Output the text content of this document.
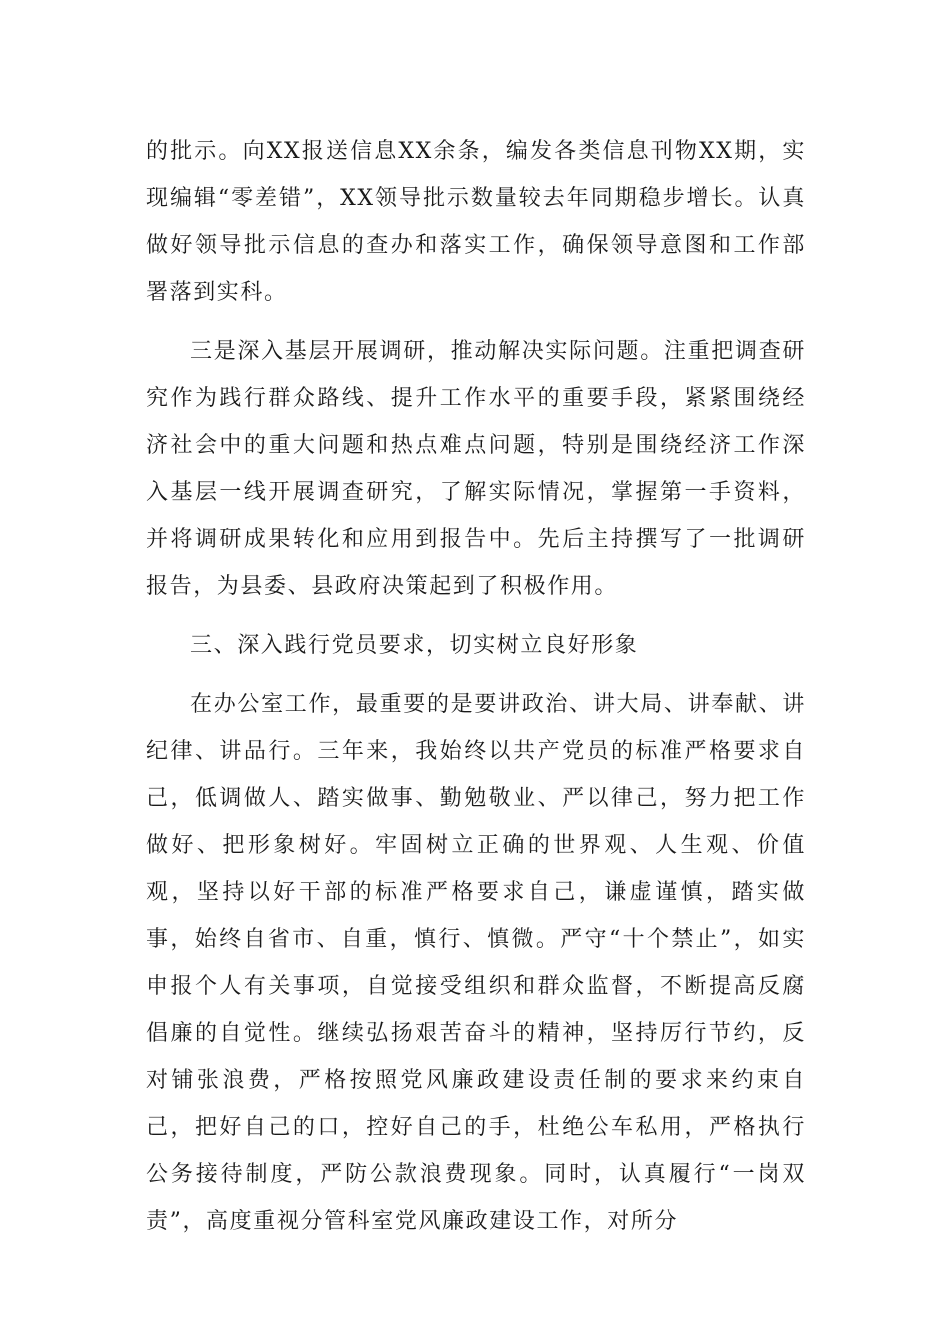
的批示。向XX报送信息XX余条，编发各类信息刊物XX期，实现编辑“零差错”，XX领导批示数量较去年同期稳步增长。认真做好领导批示信息的查办和落实工作，确保领导意图和工作部署落到实科。

三是深入基层开展调研，推动解决实际问题。注重把调查研究作为践行群众路线、提升工作水平的重要手段，紧紧围绕经济社会中的重大问题和热点难点问题，特别是围绕经济工作深入基层一线开展调查研究，了解实际情况，掌握第一手资料，并将调研成果转化和应用到报告中。先后主持撰写了一批调研报告，为县委、县政府决策起到了积极作用。

三、深入践行党员要求，切实树立良好形象

在办公室工作，最重要的是要讲政治、讲大局、讲奉献、讲纪律、讲品行。三年来，我始终以共产党员的标准严格要求自己，低调做人、踏实做事、勤勉敬业、严以律己，努力把工作做好、把形象树好。牢固树立正确的世界观、人生观、价值观，坚持以好干部的标准严格要求自己，谦虚谨慎，踏实做事，始终自省市、自重，慎行、慎微。严守“十个禁止”，如实申报个人有关事项，自觉接受组织和群众监督，不断提高反腐倡廉的自觉性。继续弘扬艰苦奋斗的精神，坚持厉行节约，反对铺张浪费，严格按照党风廉政建设责任制的要求来约束自己，把好自己的口，控好自己的手，杜绝公车私用，严格执行公务接待制度，严防公款浪费现象。同时，认真履行“一岗双责”，高度重视分管科室党风廉政建设工作，对所分
